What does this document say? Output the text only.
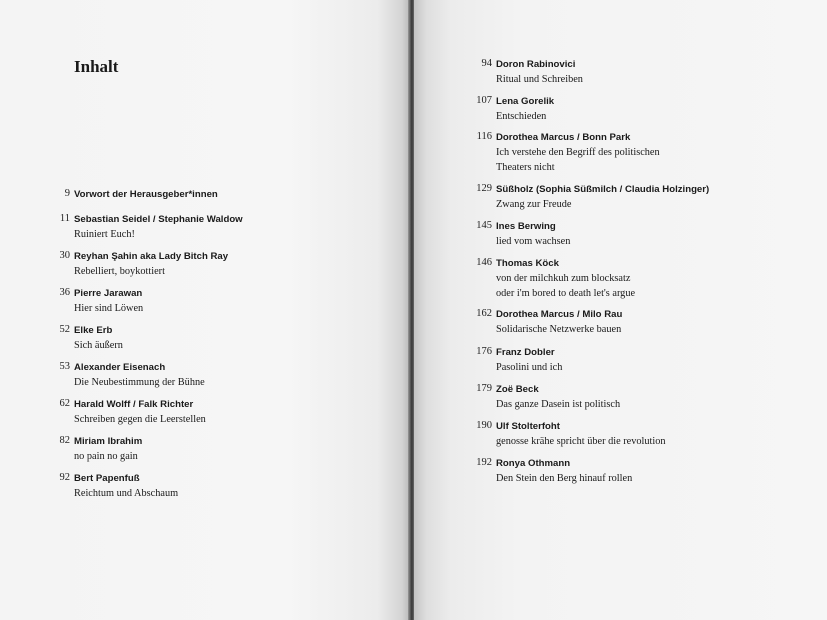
Inhalt
9 Vorwort der Herausgeber*innen
11 Sebastian Seidel / Stephanie Waldow
Ruiniert Euch!
30 Reyhan Şahin aka Lady Bitch Ray
Rebelliert, boykottiert
36 Pierre Jarawan
Hier sind Löwen
52 Elke Erb
Sich äußern
53 Alexander Eisenach
Die Neubestimmung der Bühne
62 Harald Wolff / Falk Richter
Schreiben gegen die Leerstellen
82 Miriam Ibrahim
no pain no gain
92 Bert Papenfuß
Reichtum und Abschaum
94 Doron Rabinovici
Ritual und Schreiben
107 Lena Gorelik
Entschieden
116 Dorothea Marcus / Bonn Park
Ich verstehe den Begriff des politischen
Theaters nicht
129 Süßholz (Sophia Süßmilch / Claudia Holzinger)
Zwang zur Freude
145 Ines Berwing
lied vom wachsen
146 Thomas Köck
von der milchkuh zum blocksatz
oder i'm bored to death let's argue
162 Dorothea Marcus / Milo Rau
Solidarische Netzwerke bauen
176 Franz Dobler
Pasolini und ich
179 Zoë Beck
Das ganze Dasein ist politisch
190 Ulf Stolterfoht
genosse krähe spricht über die revolution
192 Ronya Othmann
Den Stein den Berg hinauf rollen
